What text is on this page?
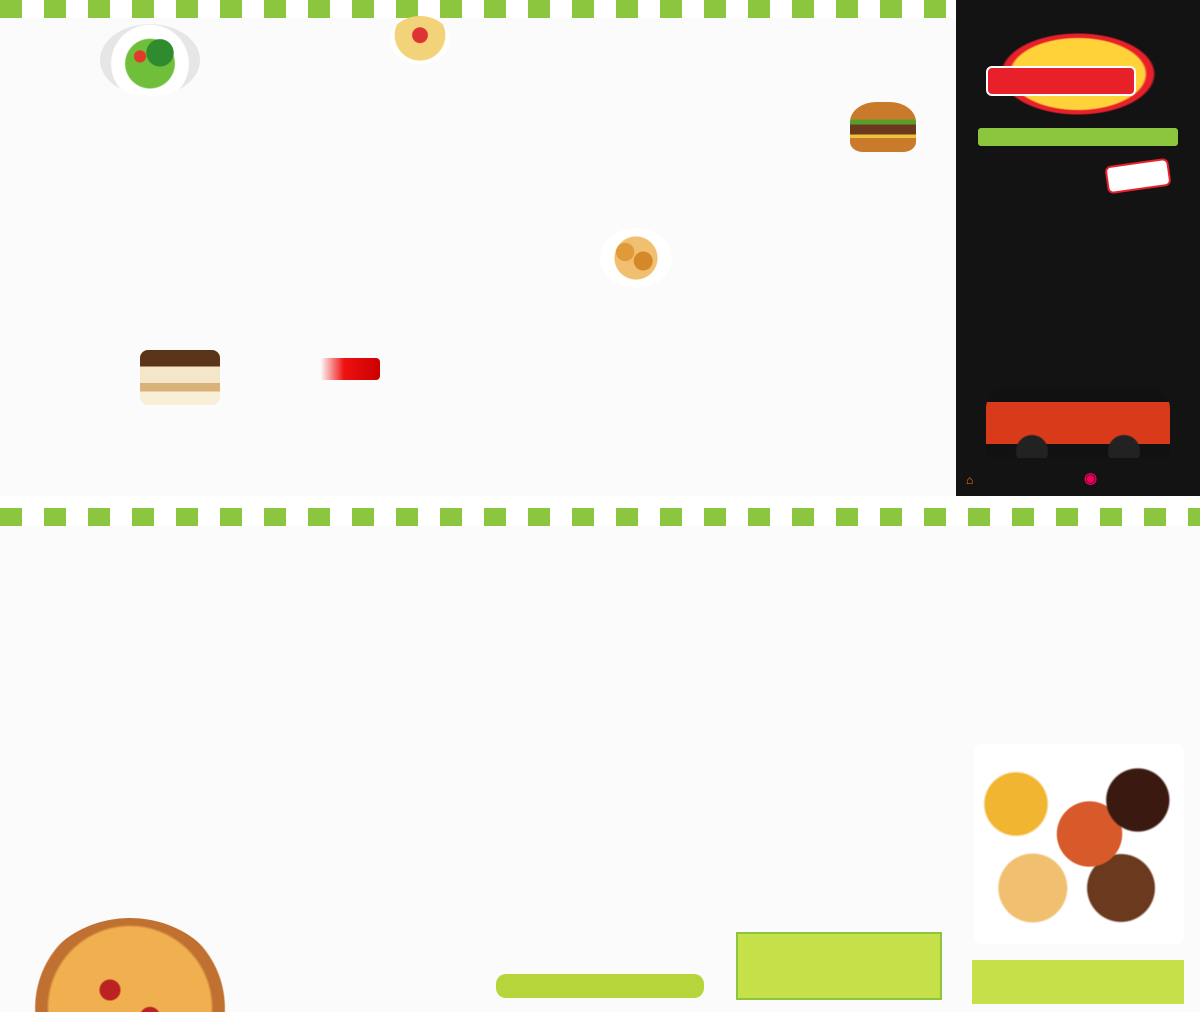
⌂	◉
